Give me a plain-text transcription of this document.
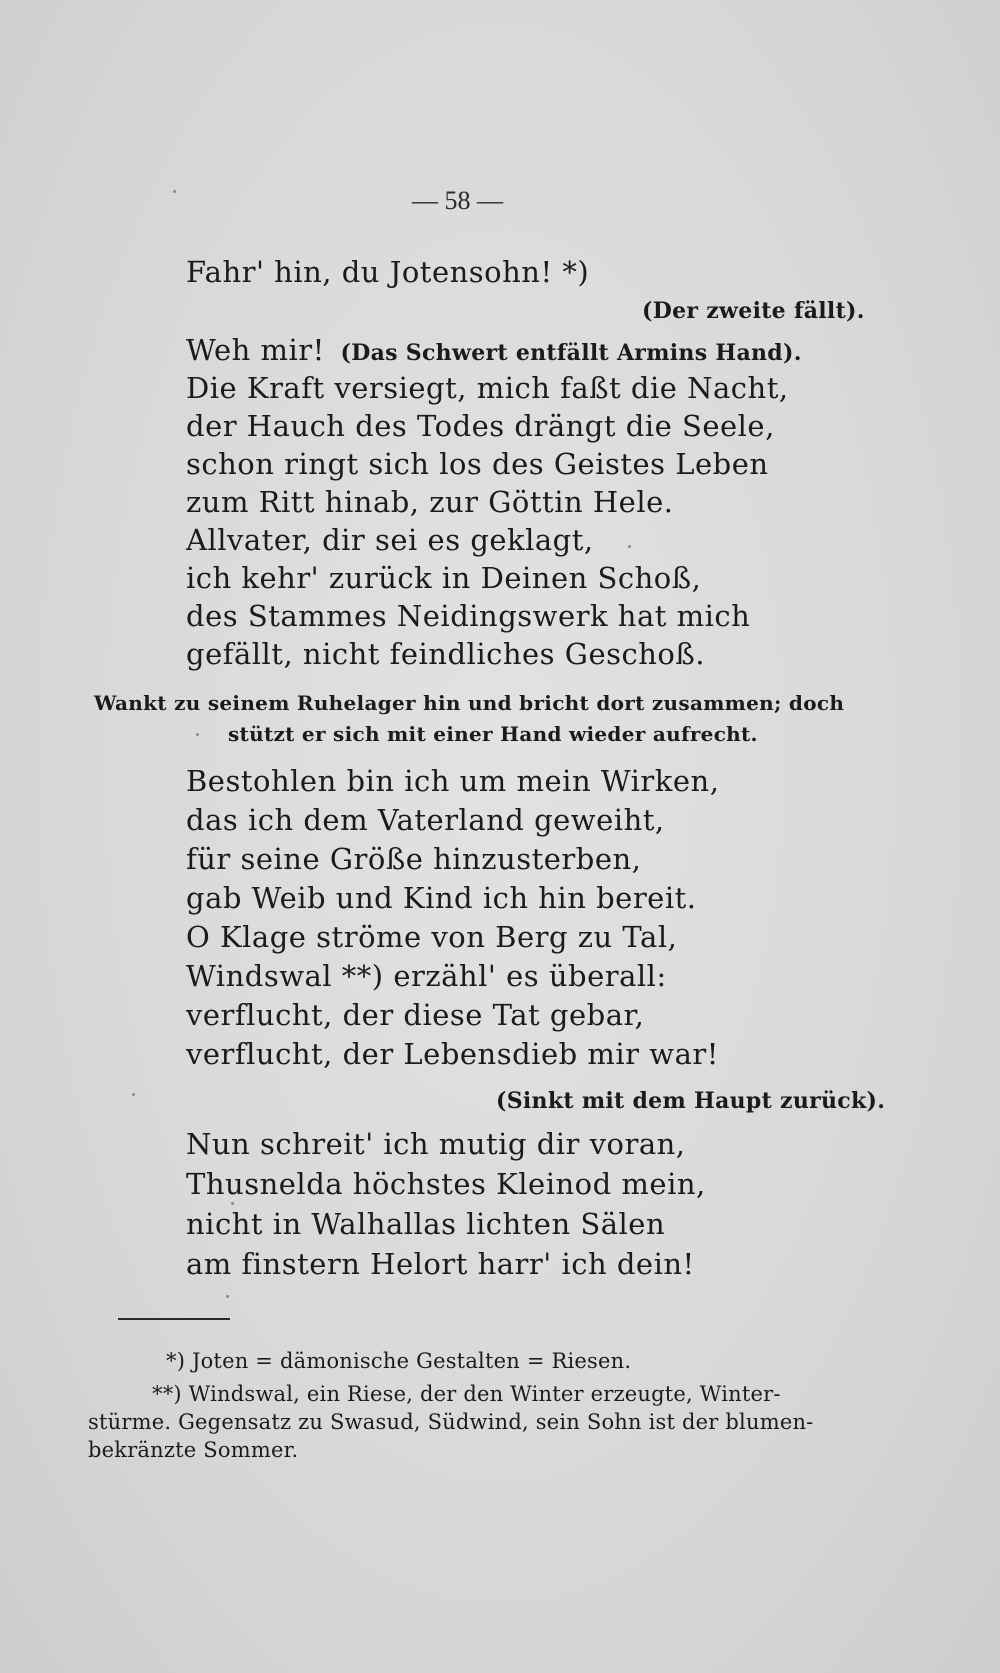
— 58 —
Fahr' hin, du Jotensohn! *)
(Der zweite fällt).
Weh mir! (Das Schwert entfällt Armins Hand).
Die Kraft versiegt, mich faßt die Nacht,
der Hauch des Todes drängt die Seele,
schon ringt sich los des Geistes Leben
zum Ritt hinab, zur Göttin Hele.
Allvater, dir sei es geklagt,
ich kehr' zurück in Deinen Schoß,
des Stammes Neidingswerk hat mich
gefällt, nicht feindliches Geschoß.
Wankt zu seinem Ruhelager hin und bricht dort zusammen; doch
stützt er sich mit einer Hand wieder aufrecht.
Bestohlen bin ich um mein Wirken,
das ich dem Vaterland geweiht,
für seine Größe hinzusterben,
gab Weib und Kind ich hin bereit.
O Klage ströme von Berg zu Tal,
Windswal **) erzähl' es überall:
verflucht, der diese Tat gebar,
verflucht, der Lebensdieb mir war!
(Sinkt mit dem Haupt zurück).
Nun schreit' ich mutig dir voran,
Thusnelda höchstes Kleinod mein,
nicht in Walhallas lichten Sälen
am finstern Helort harr' ich dein!
*) Joten = dämonische Gestalten = Riesen.
**) Windswal, ein Riese, der den Winter erzeugte, Winter-
stürme. Gegensatz zu Swasud, Südwind, sein Sohn ist der blumen-
bekränzte Sommer.
